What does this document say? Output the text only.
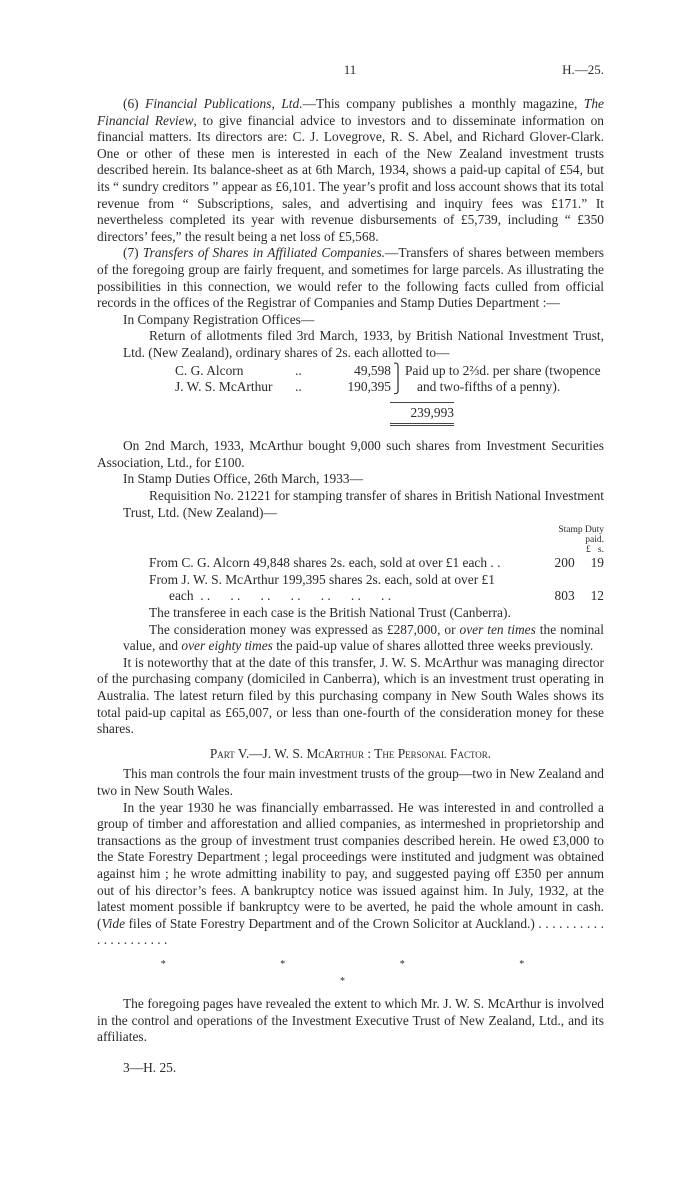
11	H.—25.

(6) Financial Publications, Ltd.—This company publishes a monthly magazine, The Financial Review, to give financial advice to investors and to disseminate information on financial matters. Its directors are: C. J. Lovegrove, R. S. Abel, and Richard Glover-Clark. One or other of these men is interested in each of the New Zealand investment trusts described herein. Its balance-sheet as at 6th March, 1934, shows a paid-up capital of £54, but its “ sundry creditors ” appear as £6,101. The year’s profit and loss account shows that its total revenue from “ Subscriptions, sales, and advertising and inquiry fees was £171.” It nevertheless completed its year with revenue disbursements of £5,739, including “ £350 directors’ fees,” the result being a net loss of £5,568.

(7) Transfers of Shares in Affiliated Companies.—Transfers of shares between members of the foregoing group are fairly frequent, and sometimes for large parcels. As illustrating the possibilities in this connection, we would refer to the following facts culled from official records in the offices of the Registrar of Companies and Stamp Duties Department :—

In Company Registration Offices—

Return of allotments filed 3rd March, 1933, by British National Investment Trust, Ltd. (New Zealand), ordinary shares of 2s. each allotted to—

C. G. Alcorn	..	49,598 ⎫ Paid up to 2⅔d. per share (twopence
J. W. S. McArthur	..	190,395 ⎭	and two-fifths of a penny).
239,993

On 2nd March, 1933, McArthur bought 9,000 such shares from Investment Securities Association, Ltd., for £100.

In Stamp Duties Office, 26th March, 1933—

Requisition No. 21221 for stamping transfer of shares in British National Investment Trust, Ltd. (New Zealand)—

Stamp Duty
paid.
£   s.
From C. G. Alcorn 49,848 shares 2s. each, sold at over £1 each . .	200 19
From J. W. S. McArthur 199,395 shares 2s. each, sold at over £1
each  . .      . .      . .      . .      . .      . .      . .	803 12

The transferee in each case is the British National Trust (Canberra).

The consideration money was expressed as £287,000, or over ten times the nominal value, and over eighty times the paid-up value of shares allotted three weeks previously.

It is noteworthy that at the date of this transfer, J. W. S. McArthur was managing director of the purchasing company (domiciled in Canberra), which is an investment trust operating in Australia. The latest return filed by this purchasing company in New South Wales shows its total paid-up capital as £65,007, or less than one-fourth of the consideration money for these shares.

Part V.—J. W. S. McArthur : The Personal Factor.

This man controls the four main investment trusts of the group—two in New Zealand and two in New South Wales.

In the year 1930 he was financially embarrassed. He was interested in and controlled a group of timber and afforestation and allied companies, as intermeshed in proprietorship and transactions as the group of investment trust companies described herein. He owed £3,000 to the State Forestry Department ; legal proceedings were instituted and judgment was obtained against him ; he wrote admitting inability to pay, and suggested paying off £350 per annum out of his director’s fees. A bankruptcy notice was issued against him. In July, 1932, at the latest moment possible if bankruptcy were to be averted, he paid the whole amount in cash. (Vide files of State Forestry Department and of the Crown Solicitor at Auckland.) . . . . . . . . . . . . . . . . . . . . .

* * * * *

The foregoing pages have revealed the extent to which Mr. J. W. S. McArthur is involved in the control and operations of the Investment Executive Trust of New Zealand, Ltd., and its affiliates.

3—H. 25.
